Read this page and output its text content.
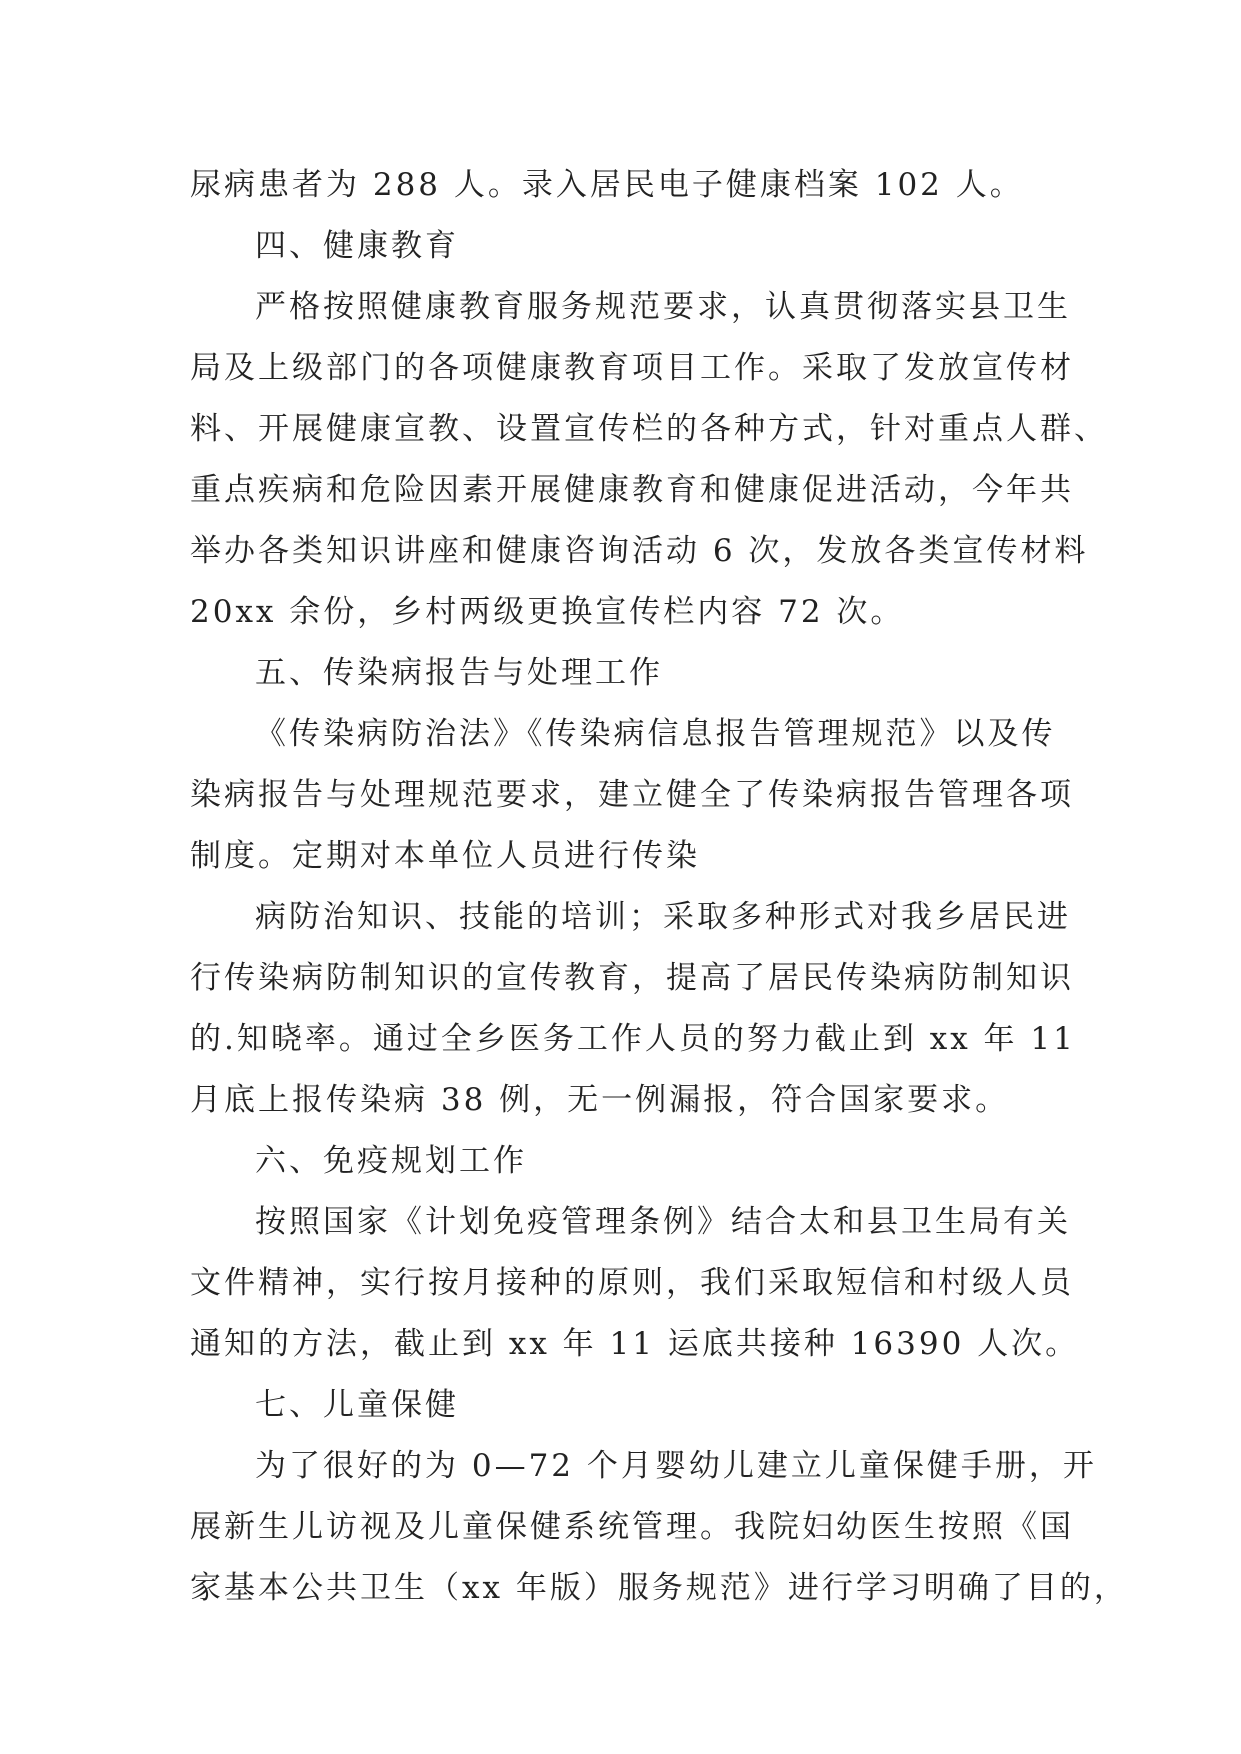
尿病患者为 288 人。录入居民电子健康档案 102 人。
四、健康教育
严格按照健康教育服务规范要求，认真贯彻落实县卫生
局及上级部门的各项健康教育项目工作。采取了发放宣传材
料、开展健康宣教、设置宣传栏的各种方式，针对重点人群、
重点疾病和危险因素开展健康教育和健康促进活动，今年共
举办各类知识讲座和健康咨询活动 6 次，发放各类宣传材料
20xx 余份，乡村两级更换宣传栏内容 72 次。
五、传染病报告与处理工作
《传染病防治法》《传染病信息报告管理规范》以及传
染病报告与处理规范要求，建立健全了传染病报告管理各项
制度。定期对本单位人员进行传染
病防治知识、技能的培训；采取多种形式对我乡居民进
行传染病防制知识的宣传教育，提高了居民传染病防制知识
的.知晓率。通过全乡医务工作人员的努力截止到 xx 年 11
月底上报传染病 38 例，无一例漏报，符合国家要求。
六、免疫规划工作
按照国家《计划免疫管理条例》结合太和县卫生局有关
文件精神，实行按月接种的原则，我们采取短信和村级人员
通知的方法，截止到 xx 年 11 运底共接种 16390 人次。
七、儿童保健
为了很好的为 0—72 个月婴幼儿建立儿童保健手册，开
展新生儿访视及儿童保健系统管理。我院妇幼医生按照《国
家基本公共卫生（xx 年版）服务规范》进行学习明确了目的，
